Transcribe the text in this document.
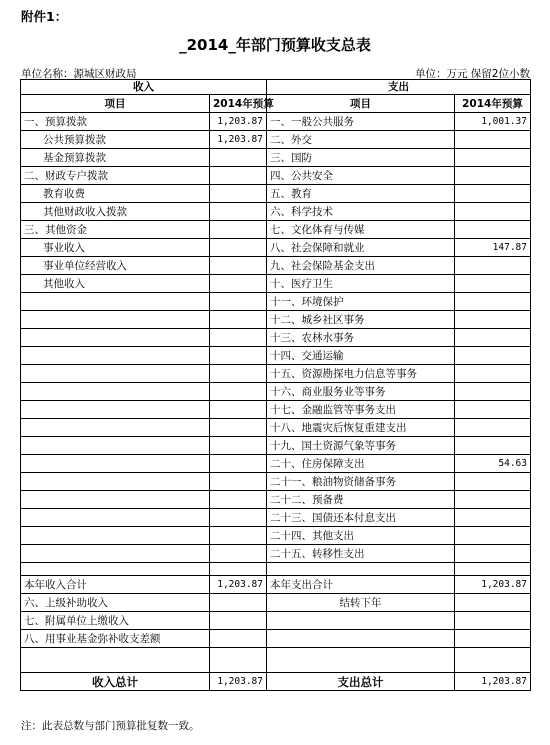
附件1：
_2014_年部门预算收支总表
单位名称：源城区财政局	单位：万元 保留2位小数
收入		支出	
项目	2014年预算	项目	2014年预算
一、预算拨款	1,203.87	一、一般公共服务	1,001.37
公共预算拨款	1,203.87	二、外交	
基金预算拨款		三、国防	
二、财政专户拨款		四、公共安全	
教育收费		五、教育	
其他财政收入拨款		六、科学技术	
三、其他资金		七、文化体育与传媒	
事业收入		八、社会保障和就业	147.87
事业单位经营收入		九、社会保险基金支出	
其他收入		十、医疗卫生	
		十一、环境保护	
		十二、城乡社区事务	
		十三、农林水事务	
		十四、交通运输	
		十五、资源勘探电力信息等事务	
		十六、商业服务业等事务	
		十七、金融监管等事务支出	
		十八、地震灾后恢复重建支出	
		十九、国土资源气象等事务	
		二十、住房保障支出	54.63
		二十一、粮油物资储备事务	
		二十二、预备费	
		二十三、国债还本付息支出	
		二十四、其他支出	
		二十五、转移性支出	

本年收入合计	1,203.87	本年支出合计	1,203.87
六、上级补助收入		结转下年	
七、附属单位上缴收入			
八、用事业基金弥补收支差额			

收入总计	1,203.87	支出总计	1,203.87
注：此表总数与部门预算批复数一致。
